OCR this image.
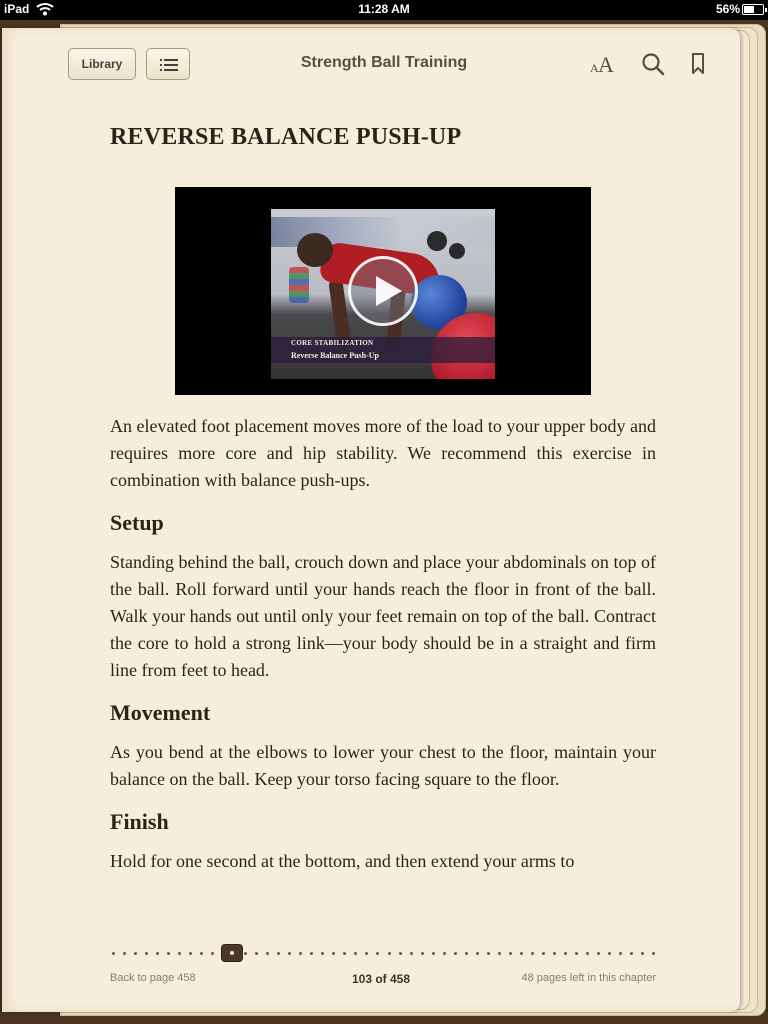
iPad	11:28 AM	56%
Library	Strength Ball Training	A A
REVERSE BALANCE PUSH-UP
CORE STABILIZATION
Reverse Balance Push-Up

An elevated foot placement moves more of the load to your upper body and requires more core and hip stability. We recommend this exercise in combination with balance push-ups.

Setup

Standing behind the ball, crouch down and place your abdominals on top of the ball. Roll forward until your hands reach the floor in front of the ball. Walk your hands out until only your feet remain on top of the ball. Contract the core to hold a strong link—your body should be in a straight and firm line from feet to head.

Movement

As you bend at the elbows to lower your chest to the floor, maintain your balance on the ball. Keep your torso facing square to the floor.

Finish

Hold for one second at the bottom, and then extend your arms to

Back to page 458	103 of 458	48 pages left in this chapter
